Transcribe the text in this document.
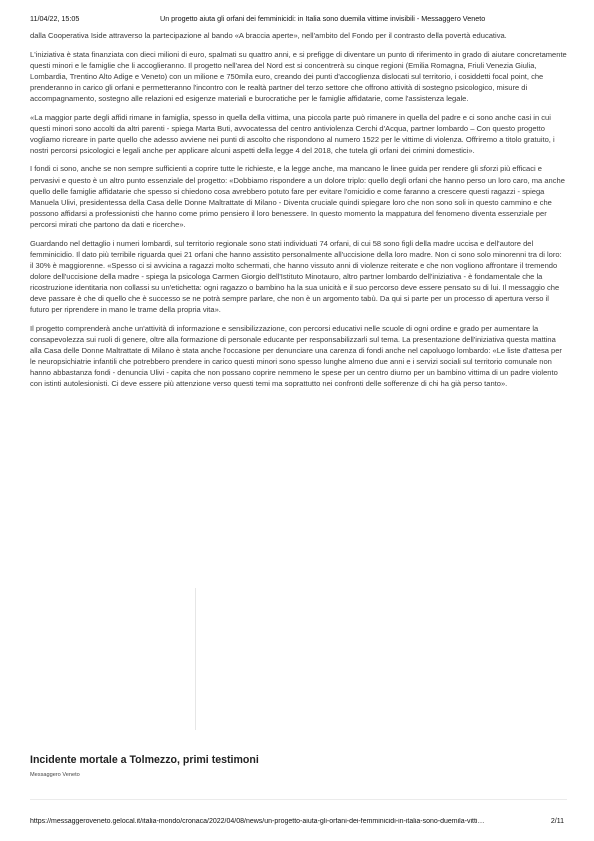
11/04/22, 15:05	Un progetto aiuta gli orfani dei femminicidi: in Italia sono duemila vittime invisibili - Messaggero Veneto

dalla Cooperativa Iside attraverso la partecipazione al bando «A braccia aperte», nell'ambito del Fondo per il contrasto della povertà educativa.

L'iniziativa è stata finanziata con dieci milioni di euro, spalmati su quattro anni, e si prefigge di diventare un punto di riferimento in grado di aiutare concretamente questi minori e le famiglie che li accoglieranno. Il progetto nell'area del Nord est si concentrerà su cinque regioni (Emilia Romagna, Friuli Venezia Giulia, Lombardia, Trentino Alto Adige e Veneto) con un milione e 750mila euro, creando dei punti d'accoglienza dislocati sul territorio, i cosiddetti focal point, che prenderanno in carico gli orfani e permetteranno l'incontro con le realtà partner del terzo settore che offrono attività di sostegno psicologico, misure di accompagnamento, sostegno alle relazioni ed esigenze materiali e burocratiche per le famiglie affidatarie, come l'assistenza legale.

«La maggior parte degli affidi rimane in famiglia, spesso in quella della vittima, una piccola parte può rimanere in quella del padre e ci sono anche casi in cui questi minori sono accolti da altri parenti - spiega Marta Buti, avvocatessa del centro antiviolenza Cerchi d'Acqua, partner lombardo – Con questo progetto vogliamo ricreare in parte quello che adesso avviene nei punti di ascolto che rispondono al numero 1522 per le vittime di violenza. Offriremo a titolo gratuito, i nostri percorsi psicologici e legali anche per applicare alcuni aspetti della legge 4 del 2018, che tutela gli orfani dei crimini domestici».

I fondi ci sono, anche se non sempre sufficienti a coprire tutte le richieste, e la legge anche, ma mancano le linee guida per rendere gli sforzi più efficaci e pervasivi e questo è un altro punto essenziale del progetto: «Dobbiamo rispondere a un dolore triplo: quello degli orfani che hanno perso un loro caro, ma anche quello delle famiglie affidatarie che spesso si chiedono cosa avrebbero potuto fare per evitare l'omicidio e come faranno a crescere questi ragazzi - spiega Manuela Ulivi, presidentessa della Casa delle Donne Maltrattate di Milano - Diventa cruciale quindi spiegare loro che non sono soli in questo cammino e che possono affidarsi a professionisti che hanno come primo pensiero il loro benessere. In questo momento la mappatura del fenomeno diventa essenziale per percorsi mirati che partono da dati e ricerche».

Guardando nel dettaglio i numeri lombardi, sul territorio regionale sono stati individuati 74 orfani, di cui 58 sono figli della madre uccisa e dell'autore del femminicidio. Il dato più terribile riguarda quei 21 orfani che hanno assistito personalmente all'uccisione della loro madre. Non ci sono solo minorenni tra di loro: il 30% è maggiorenne. «Spesso ci si avvicina a ragazzi molto schermati, che hanno vissuto anni di violenze reiterate e che non vogliono affrontare il tremendo dolore dell'uccisione della madre - spiega la psicologa Carmen Giorgio dell'Istituto Minotauro, altro partner lombardo dell'iniziativa - è fondamentale che la ricostruzione identitaria non collassi su un'etichetta: ogni ragazzo o bambino ha la sua unicità e il suo percorso deve essere pensato su di lui. Il messaggio che deve passare è che di quello che è successo se ne potrà sempre parlare, che non è un argomento tabù. Da qui si parte per un processo di apertura verso il futuro per riprendere in mano le trame della propria vita».

Il progetto comprenderà anche un'attività di informazione e sensibilizzazione, con percorsi educativi nelle scuole di ogni ordine e grado per aumentare la consapevolezza sui ruoli di genere, oltre alla formazione di personale educante per responsabilizzarli sul tema. La presentazione dell'iniziativa questa mattina alla Casa delle Donne Maltrattate di Milano è stata anche l'occasione per denunciare una carenza di fondi anche nel capoluogo lombardo: «Le liste d'attesa per le neuropsichiatrie infantili che potrebbero prendere in carico questi minori sono spesso lunghe almeno due anni e i servizi sociali sul territorio comunale non hanno abbastanza fondi - denuncia Ulivi - capita che non possano coprire nemmeno le spese per un centro diurno per un bambino vittima di un padre violento con istinti autolesionisti. Ci deve essere più attenzione verso questi temi ma soprattutto nei confronti delle sofferenze di chi ha già perso tanto».

Incidente mortale a Tolmezzo, primi testimoni
Messaggero Veneto
https://messaggeroveneto.gelocal.it/italia-mondo/cronaca/2022/04/08/news/un-progetto-aiuta-gli-orfani-dei-femminicidi-in-italia-sono-duemila-vitti…	2/11
